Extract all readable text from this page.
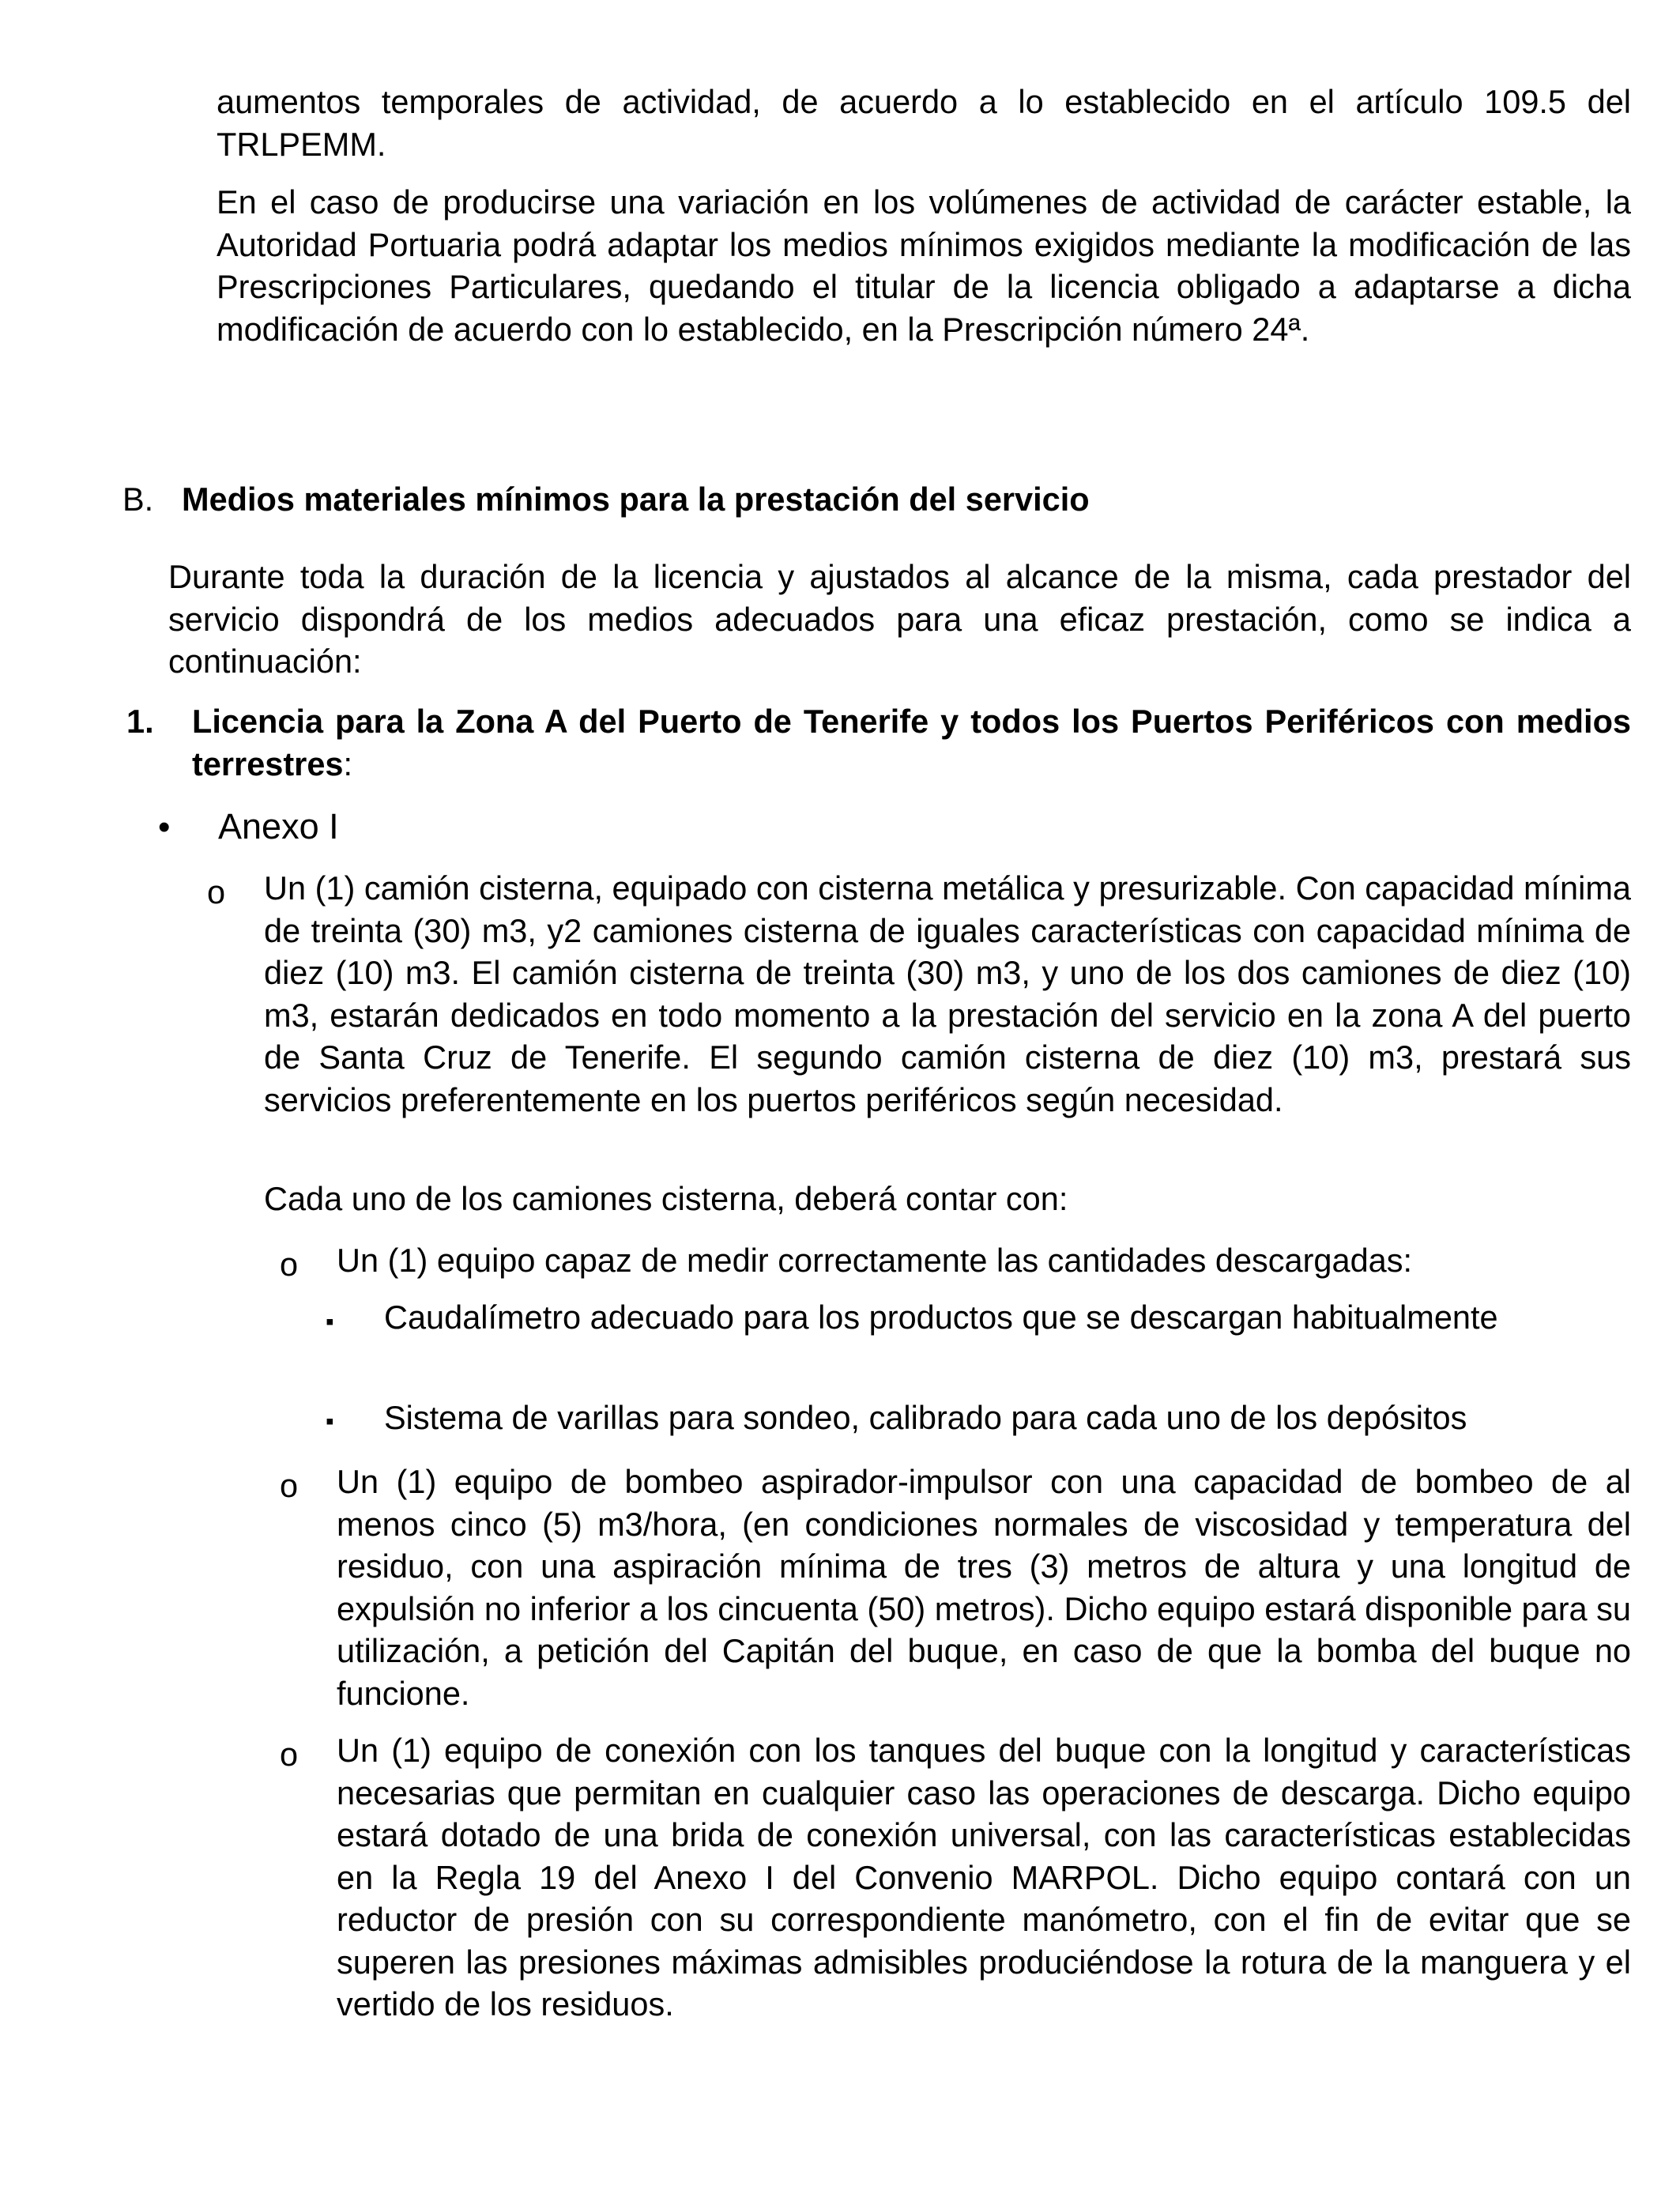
aumentos temporales de actividad, de acuerdo a lo establecido en el artículo 109.5 del TRLPEMM.

En el caso de producirse una variación en los volúmenes de actividad de carácter estable, la Autoridad Portuaria podrá adaptar los medios mínimos exigidos mediante la modificación de las Prescripciones Particulares, quedando el titular de la licencia obligado a adaptarse a dicha modificación de acuerdo con lo establecido, en la Prescripción número 24ª.

B. Medios materiales mínimos para la prestación del servicio

Durante toda la duración de la licencia y ajustados al alcance de la misma, cada prestador del servicio dispondrá de los medios adecuados para una eficaz prestación, como se indica a continuación:

1. Licencia para la Zona A del Puerto de Tenerife y todos los Puertos Periféricos con medios terrestres:

• Anexo I
o Un (1) camión cisterna, equipado con cisterna metálica y presurizable. Con capacidad mínima de treinta (30) m3, y2 camiones cisterna de iguales características con capacidad mínima de diez (10) m3. El camión cisterna de treinta (30) m3, y uno de los dos camiones de diez (10) m3, estarán dedicados en todo momento a la prestación del servicio en la zona A del puerto de Santa Cruz de Tenerife. El segundo camión cisterna de diez (10) m3, prestará sus servicios preferentemente en los puertos periféricos según necesidad.

Cada uno de los camiones cisterna, deberá contar con:

o Un (1) equipo capaz de medir correctamente las cantidades descargadas:

▪ Caudalímetro adecuado para los productos que se descargan habitualmente

▪ Sistema de varillas para sondeo, calibrado para cada uno de los depósitos

o Un (1) equipo de bombeo aspirador-impulsor con una capacidad de bombeo de al menos cinco (5) m3/hora, (en condiciones normales de viscosidad y temperatura del residuo, con una aspiración mínima de tres (3) metros de altura y una longitud de expulsión no inferior a los cincuenta (50) metros). Dicho equipo estará disponible para su utilización, a petición del Capitán del buque, en caso de que la bomba del buque no funcione.

o Un (1) equipo de conexión con los tanques del buque con la longitud y características necesarias que permitan en cualquier caso las operaciones de descarga. Dicho equipo estará dotado de una brida de conexión universal, con las características establecidas en la Regla 19 del Anexo I del Convenio MARPOL. Dicho equipo contará con un reductor de presión con su correspondiente manómetro, con el fin de evitar que se superen las presiones máximas admisibles produciéndose la rotura de la manguera y el vertido de los residuos.
